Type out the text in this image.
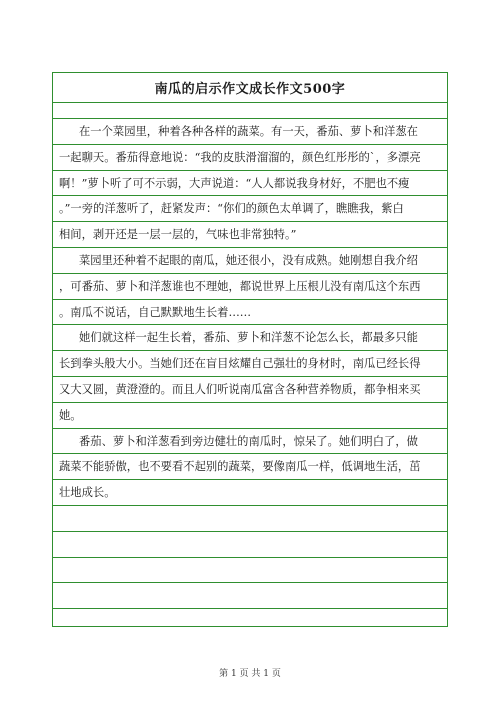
南瓜的启示作文成长作文500字
在一个菜园里，种着各种各样的蔬菜。有一天，番茄、萝卜和洋葱在
一起聊天。番茄得意地说：“我的皮肤滑溜溜的，颜色红彤彤的`，多漂亮
啊！”萝卜听了可不示弱，大声说道：“人人都说我身材好，不肥也不瘦
。”一旁的洋葱听了，赶紧发声：“你们的颜色太单调了，瞧瞧我，紫白
相间，剥开还是一层一层的，气味也非常独特。”
菜园里还种着不起眼的南瓜，她还很小，没有成熟。她刚想自我介绍
，可番茄、萝卜和洋葱谁也不理她，都说世界上压根儿没有南瓜这个东西
。南瓜不说话，自己默默地生长着……
她们就这样一起生长着，番茄、萝卜和洋葱不论怎么长，都最多只能
长到拳头般大小。当她们还在盲目炫耀自己强壮的身材时，南瓜已经长得
又大又圆，黄澄澄的。而且人们听说南瓜富含各种营养物质，都争相来买
她。
番茄、萝卜和洋葱看到旁边健壮的南瓜时，惊呆了。她们明白了，做
蔬菜不能骄傲，也不要看不起别的蔬菜，要像南瓜一样，低调地生活，茁
壮地成长。
第 1 页 共 1 页
